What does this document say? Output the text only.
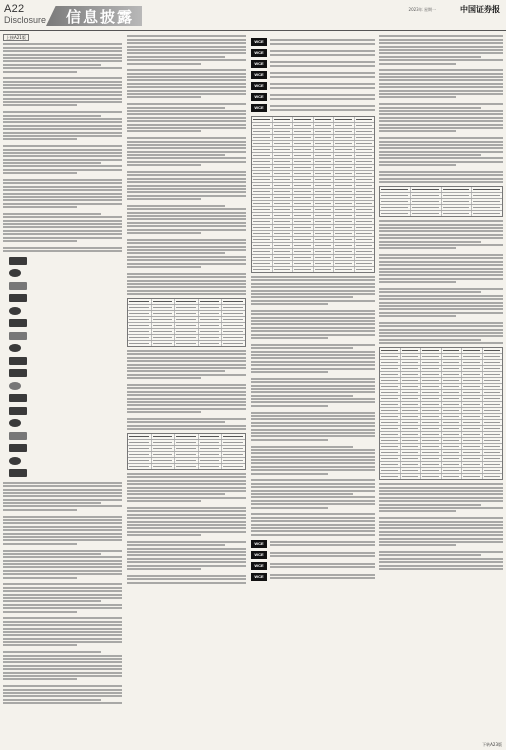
A22
Disclosure 信息披露	2023年 星期一	中国证券报
上接A21版
WCE
WCE
WCE
WCE
WCE
WCE
WCE
WCE
WCE
WCE
WCE
下转A23版
